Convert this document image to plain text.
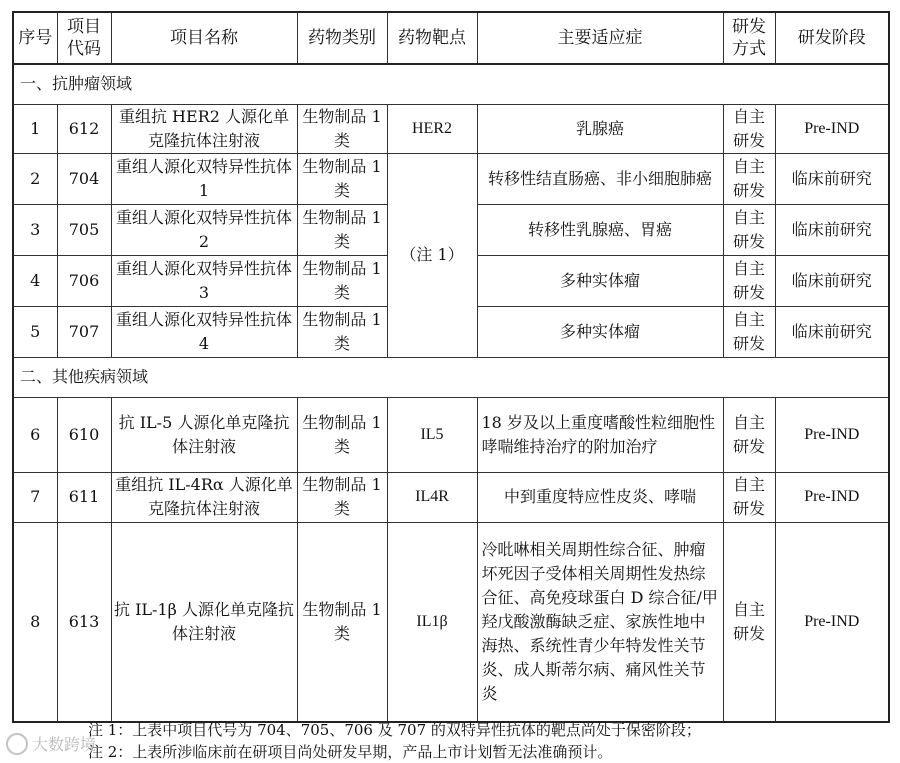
序号	项目代码	项目名称	药物类别	药物靶点	主要适应症	研发方式	研发阶段
一、抗肿瘤领域							
1	612	重组抗 HER2 人源化单克隆抗体注射液	生物制品 1 类	HER2	乳腺癌	自主研发	Pre-IND
2	704	重组人源化双特异性抗体 1	生物制品 1 类	（注 1）	转移性结直肠癌、非小细胞肺癌	自主研发	临床前研究
3	705	重组人源化双特异性抗体 2	生物制品 1 类		转移性乳腺癌、胃癌	自主研发	临床前研究
4	706	重组人源化双特异性抗体 3	生物制品 1 类		多种实体瘤	自主研发	临床前研究
5	707	重组人源化双特异性抗体 4	生物制品 1 类		多种实体瘤	自主研发	临床前研究
二、其他疾病领域							
6	610	抗 IL-5 人源化单克隆抗体注射液	生物制品 1 类	IL5	18 岁及以上重度嗜酸性粒细胞性哮喘维持治疗的附加治疗	自主研发	Pre-IND
7	611	重组抗 IL-4Rα 人源化单克隆抗体注射液	生物制品 1 类	IL4R	中到重度特应性皮炎、哮喘	自主研发	Pre-IND
8	613	抗 IL-1β 人源化单克隆抗体注射液	生物制品 1 类	IL1β	冷吡啉相关周期性综合征、肿瘤坏死因子受体相关周期性发热综合征、高免疫球蛋白 D 综合征/甲羟戊酸激酶缺乏症、家族性地中海热、系统性青少年特发性关节炎、成人斯蒂尔病、痛风性关节炎	自主研发	Pre-IND
注 1：上表中项目代号为 704、705、706 及 707 的双特异性抗体的靶点尚处于保密阶段；
注 2：上表所涉临床前在研项目尚处研发早期，产品上市计划暂无法准确预计。
大数跨境
